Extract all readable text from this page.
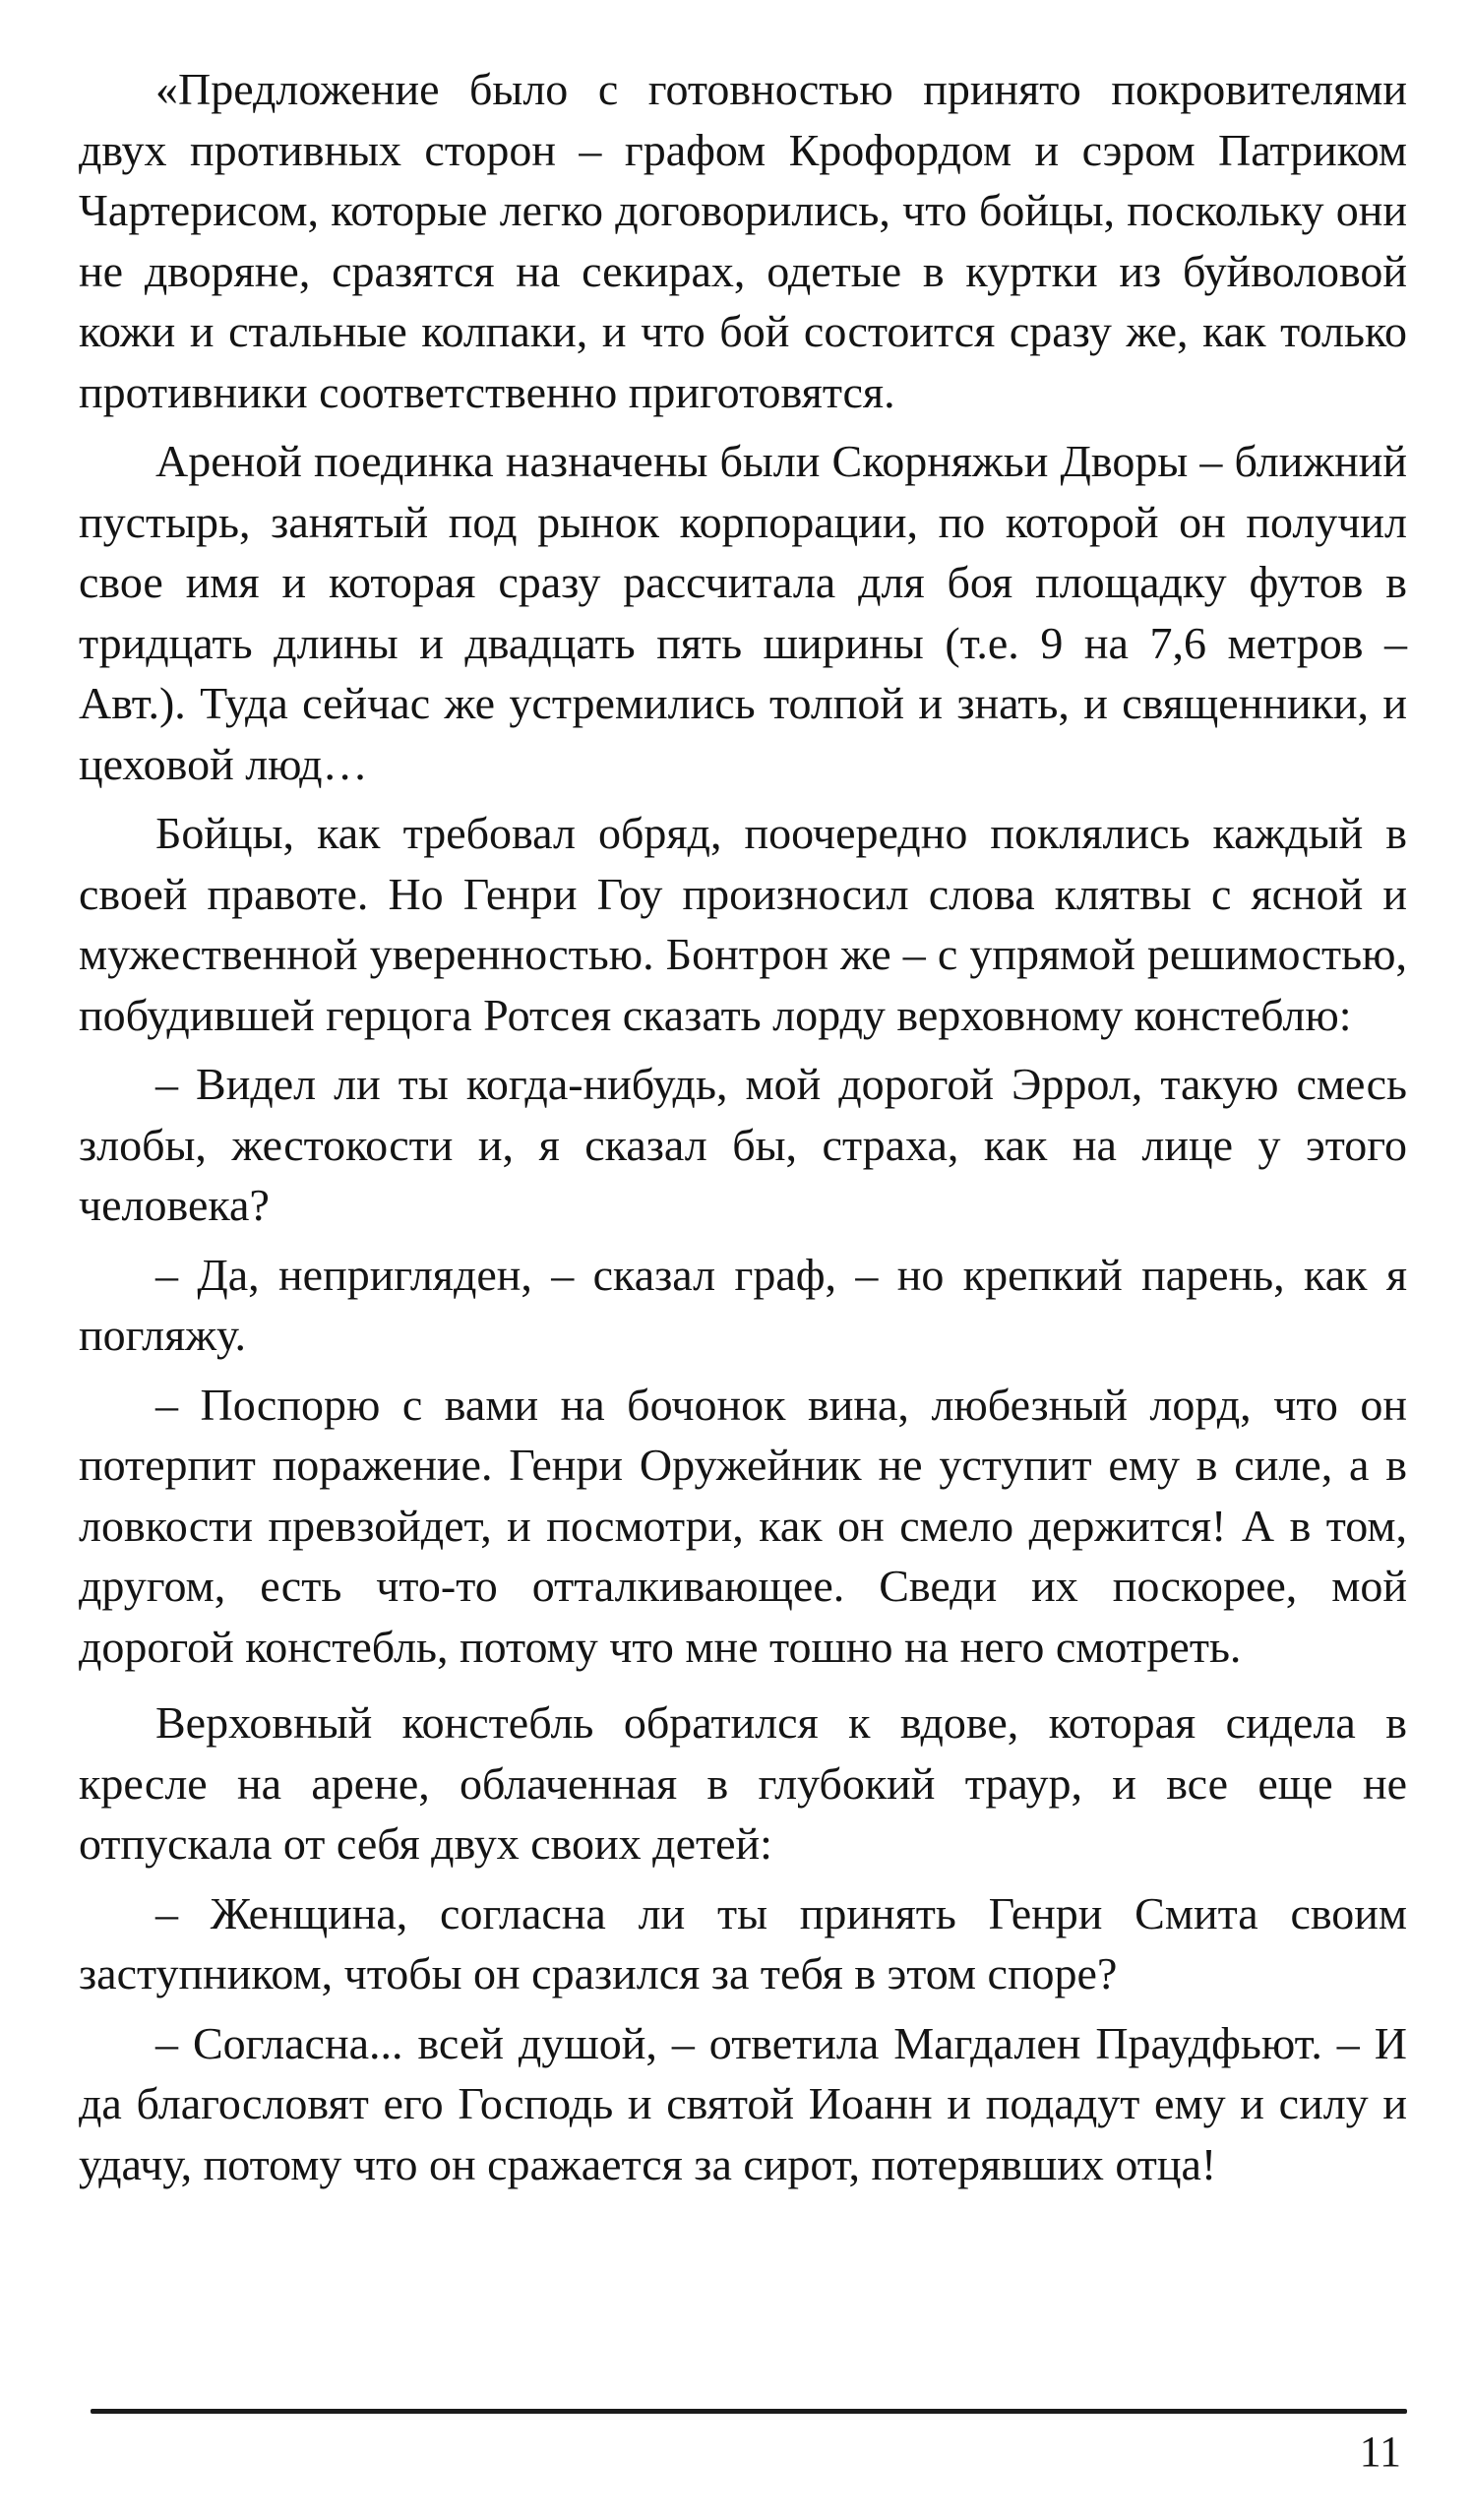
«Предложение было с готовностью принято покровителями двух противных сторон – графом Крофордом и сэром Патриком Чартерисом, которые легко договорились, что бойцы, поскольку они не дворяне, сразятся на секирах, одетые в куртки из буйволовой кожи и стальные колпаки, и что бой состоится сразу же, как только противники соответственно приготовятся.

Ареной поединка назначены были Скорняжьи Дворы – ближний пустырь, занятый под рынок корпорации, по которой он получил свое имя и которая сразу рассчитала для боя площадку футов в тридцать длины и двадцать пять ширины (т.е. 9 на 7,6 метров – Авт.). Туда сейчас же устремились толпой и знать, и священники, и цеховой люд…

Бойцы, как требовал обряд, поочередно поклялись каждый в своей правоте. Но Генри Гоу произносил слова клятвы с ясной и мужественной уверенностью. Бонтрон же – с упрямой решимостью, побудившей герцога Ротсея сказать лорду верховному констеблю:

– Видел ли ты когда-нибудь, мой дорогой Эррол, такую смесь злобы, жестокости и, я сказал бы, страха, как на лице у этого человека?

– Да, непригляден, – сказал граф, – но крепкий парень, как я погляжу.

– Поспорю с вами на бочонок вина, любезный лорд, что он потерпит поражение. Генри Оружейник не уступит ему в силе, а в ловкости превзойдет, и посмотри, как он смело держится! А в том, другом, есть что-то отталкивающее. Сведи их поскорее, мой дорогой констебль, потому что мне тошно на него смотреть.

Верховный констебль обратился к вдове, которая сидела в кресле на арене, облаченная в глубокий траур, и все еще не отпускала от себя двух своих детей:

– Женщина, согласна ли ты принять Генри Смита своим заступником, чтобы он сразился за тебя в этом споре?

– Согласна... всей душой, – ответила Магдален Праудфьют. – И да благословят его Господь и святой Иоанн и подадут ему и силу и удачу, потому что он сражается за сирот, потерявших отца!

11
